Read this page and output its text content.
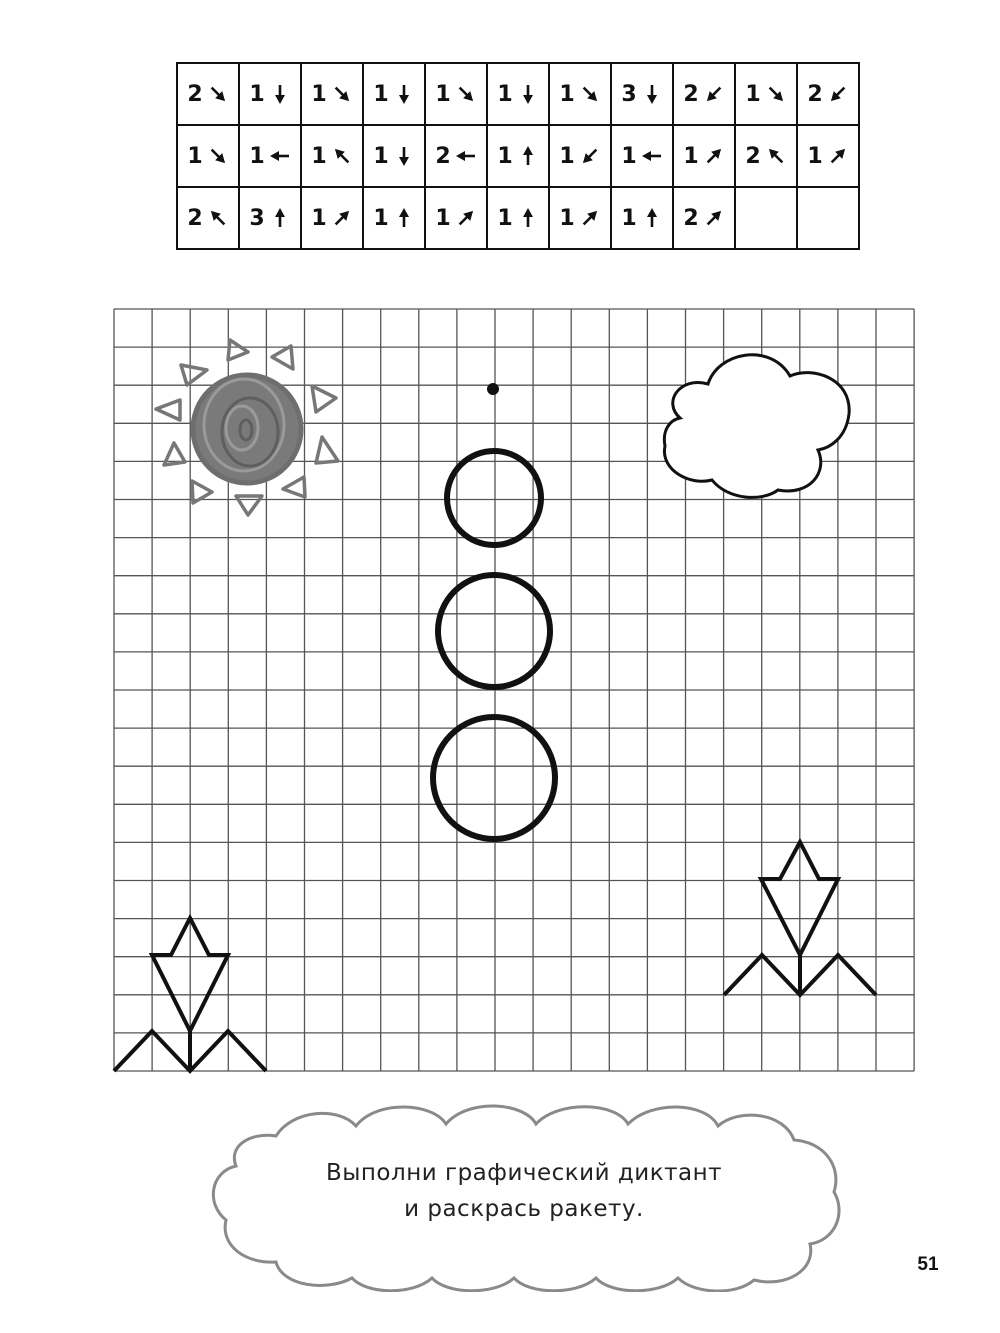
2	1	1	1	1	1	1	3	2	1	2
1	1	1	1	2	1	1	1	1	2	1
2	3	1	1	1	1	1	1	2		
Выполни графический диктант
и раскрась ракету.
51
